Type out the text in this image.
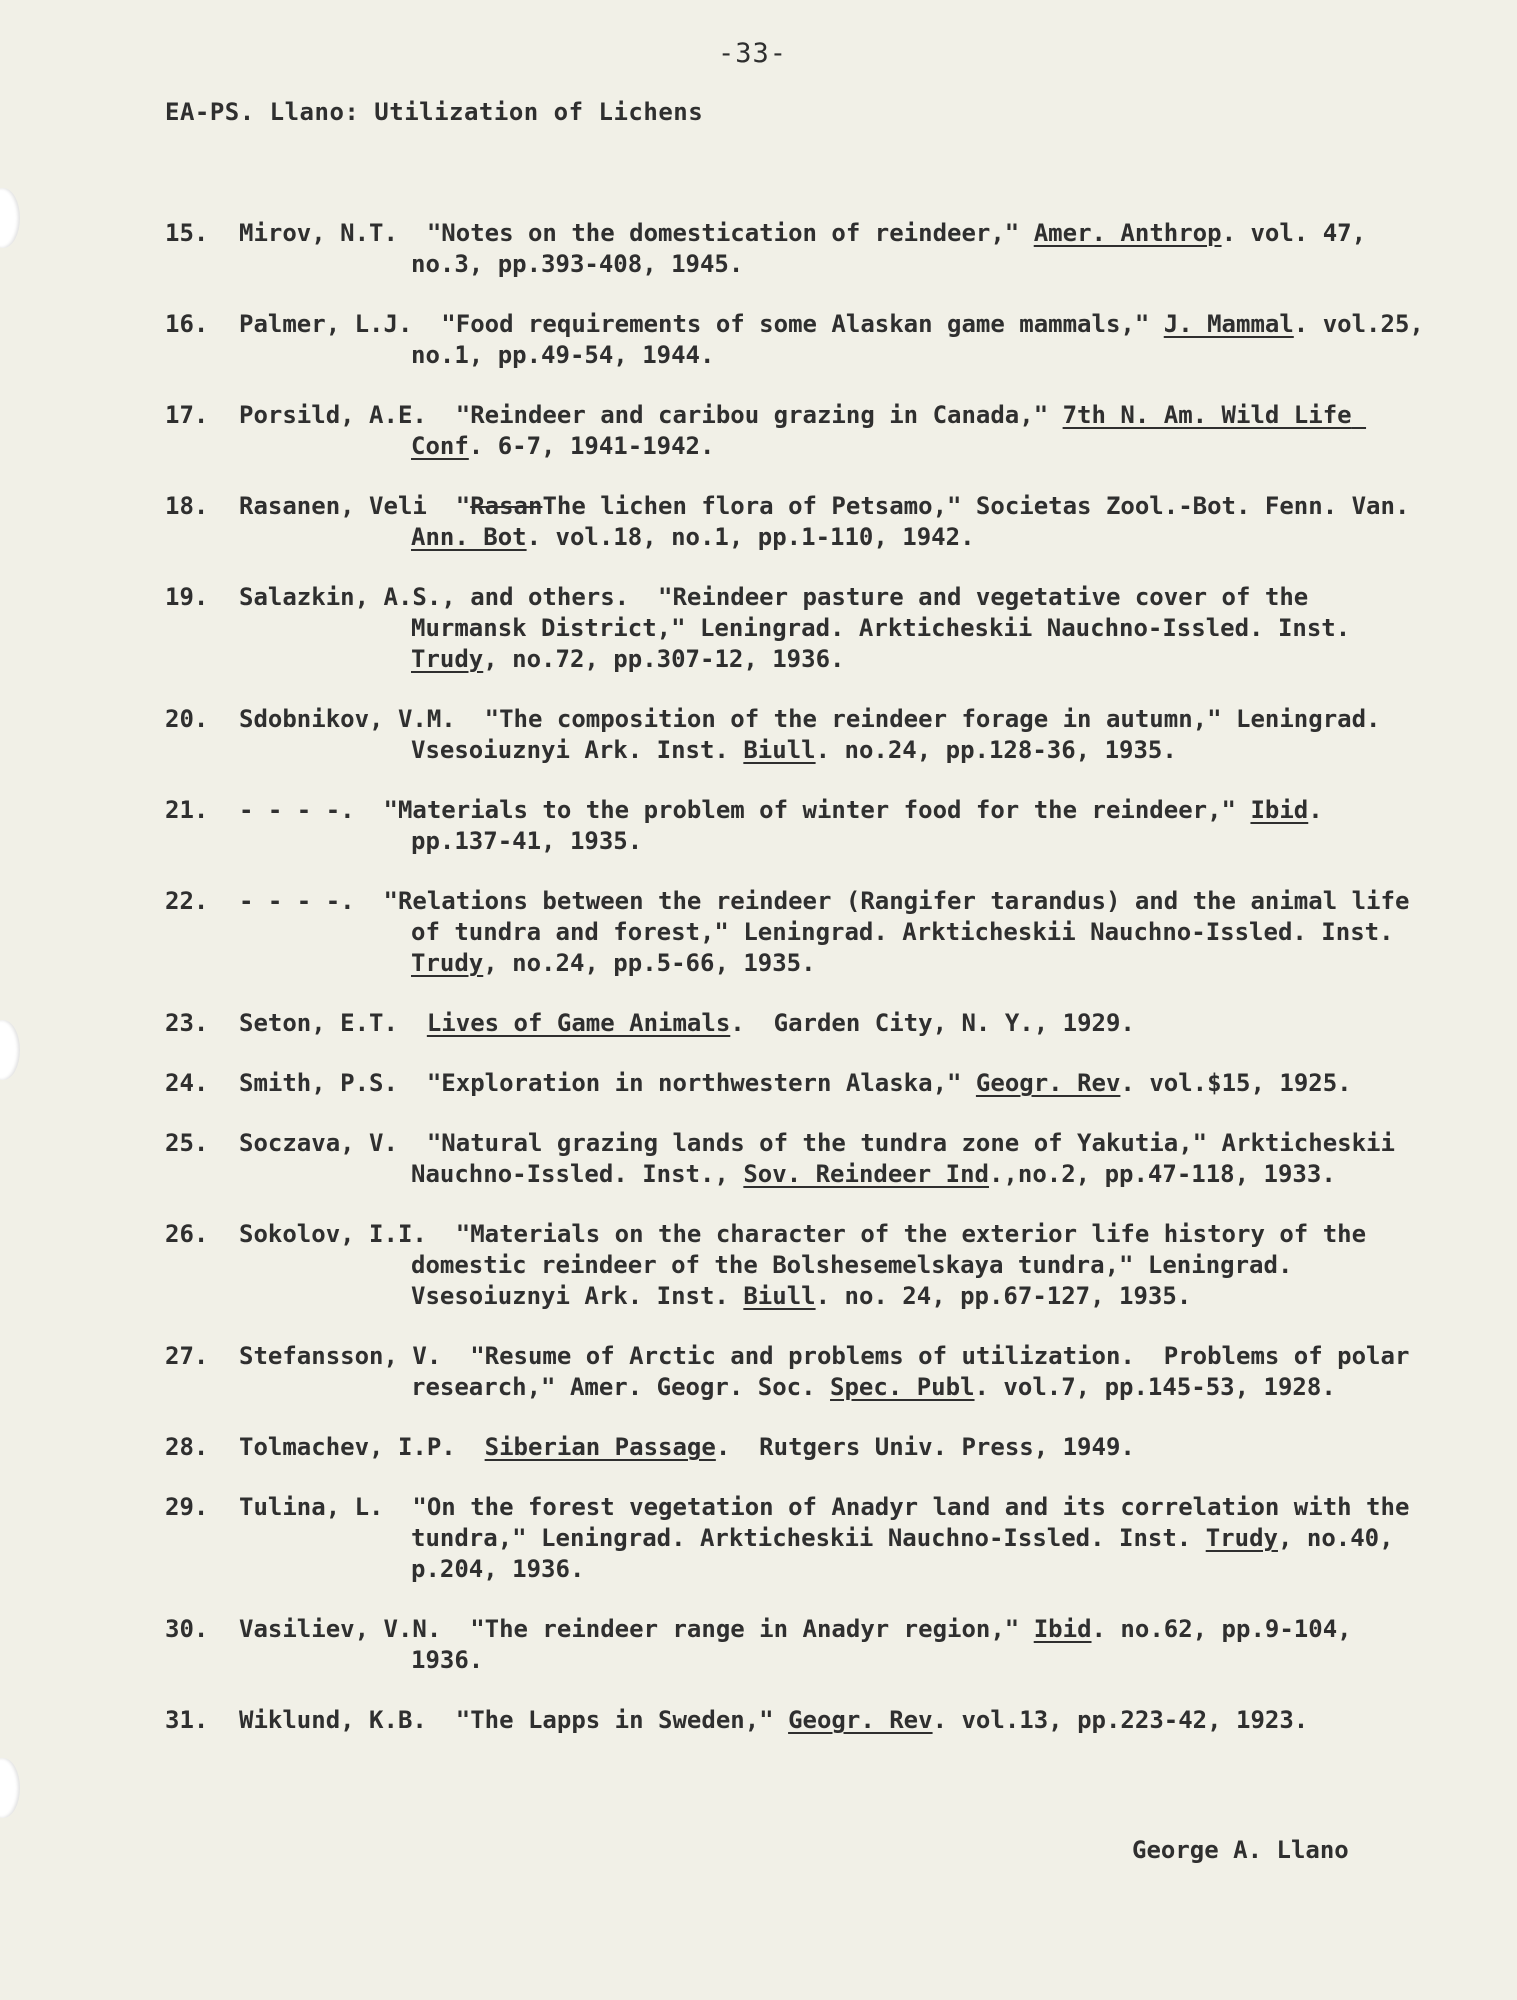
-33-
EA-PS. Llano: Utilization of Lichens
15.	Mirov, N.T.  "Notes on the domestication of reindeer," Amer. Anthrop. vol. 47, no.3, pp.393-408, 1945.
16.	Palmer, L.J.  "Food requirements of some Alaskan game mammals," J. Mammal. vol.25, no.1, pp.49-54, 1944.
17.	Porsild, A.E.  "Reindeer and caribou grazing in Canada," 7th N. Am. Wild Life Conf. 6-7, 1941-1942.
18.	Rasanen, Veli  "RasanThe lichen flora of Petsamo," Societas Zool.-Bot. Fenn. Van. Ann. Bot. vol.18, no.1, pp.1-110, 1942.
19.	Salazkin, A.S., and others.  "Reindeer pasture and vegetative cover of the Murmansk District," Leningrad. Arkticheskii Nauchno-Issled. Inst. Trudy, no.72, pp.307-12, 1936.
20.	Sdobnikov, V.M.  "The composition of the reindeer forage in autumn," Leningrad. Vsesoiuznyi Ark. Inst. Biull. no.24, pp.128-36, 1935.
21.	- - - -.  "Materials to the problem of winter food for the reindeer," Ibid. pp.137-41, 1935.
22.	- - - -.  "Relations between the reindeer (Rangifer tarandus) and the animal life of tundra and forest," Leningrad. Arkticheskii Nauchno-Issled. Inst. Trudy, no.24, pp.5-66, 1935.
23.	Seton, E.T.  Lives of Game Animals.  Garden City, N. Y., 1929.
24.	Smith, P.S.  "Exploration in northwestern Alaska," Geogr. Rev. vol.$15, 1925.
25.	Soczava, V.  "Natural grazing lands of the tundra zone of Yakutia," Arkticheskii Nauchno-Issled. Inst., Sov. Reindeer Ind.,no.2, pp.47-118, 1933.
26.	Sokolov, I.I.  "Materials on the character of the exterior life history of the domestic reindeer of the Bolshesemelskaya tundra," Leningrad. Vsesoiuznyi Ark. Inst. Biull. no. 24, pp.67-127, 1935.
27.	Stefansson, V.  "Resume of Arctic and problems of utilization.  Problems of polar research," Amer. Geogr. Soc. Spec. Publ. vol.7, pp.145-53, 1928.
28.	Tolmachev, I.P.  Siberian Passage.  Rutgers Univ. Press, 1949.
29.	Tulina, L.  "On the forest vegetation of Anadyr land and its correlation with the tundra," Leningrad. Arkticheskii Nauchno-Issled. Inst. Trudy, no.40, p.204, 1936.
30.	Vasiliev, V.N.  "The reindeer range in Anadyr region," Ibid. no.62, pp.9-104, 1936.
31.	Wiklund, K.B.  "The Lapps in Sweden," Geogr. Rev. vol.13, pp.223-42, 1923.
George A. Llano
